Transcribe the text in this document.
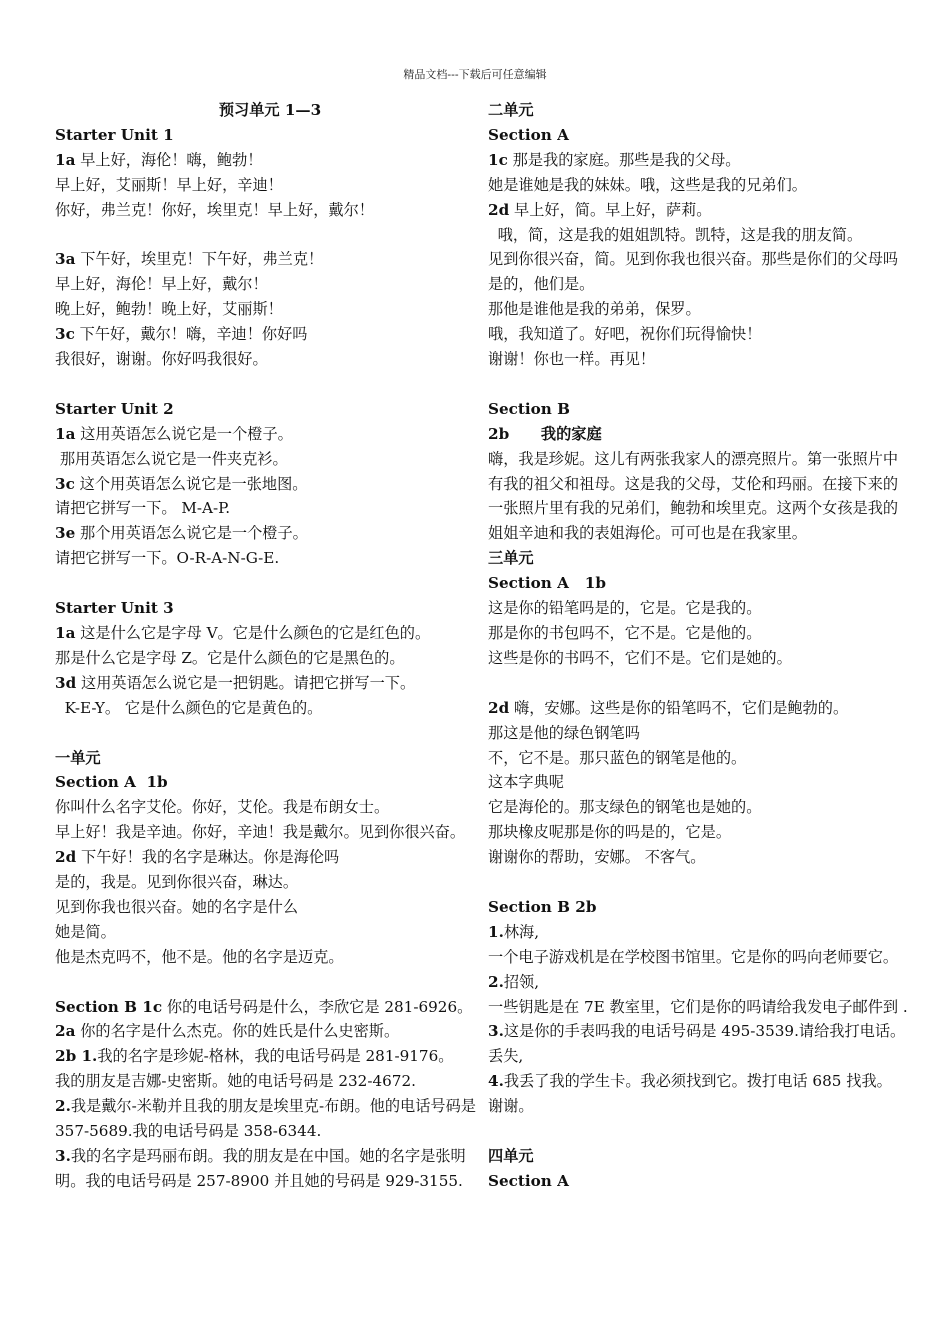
精品文档---下载后可任意编辑
预习单元 1—3
Starter Unit 1
1a 早上好，海伦！嗨，鲍勃！
早上好，艾丽斯！早上好，辛迪！
你好，弗兰克！你好，埃里克！早上好，戴尔！
3a 下午好，埃里克！下午好，弗兰克！
早上好，海伦！早上好，戴尔！
晚上好，鲍勃！晚上好，艾丽斯！
3c 下午好，戴尔！嗨，辛迪！你好吗
我很好，谢谢。你好吗我很好。
Starter Unit 2
1a 这用英语怎么说它是一个橙子。
那用英语怎么说它是一件夹克衫。
3c 这个用英语怎么说它是一张地图。
请把它拼写一下。 M-A-P.
3e 那个用英语怎么说它是一个橙子。
请把它拼写一下。O-R-A-N-G-E.
Starter Unit 3
1a 这是什么它是字母 V。它是什么颜色的它是红色的。
那是什么它是字母 Z。它是什么颜色的它是黑色的。
3d 这用英语怎么说它是一把钥匙。请把它拼写一下。
K-E-Y。 它是什么颜色的它是黄色的。
一单元
Section A  1b
你叫什么名字艾伦。你好，艾伦。我是布朗女士。
早上好！我是辛迪。你好，辛迪！我是戴尔。见到你很兴奋。
2d 下午好！我的名字是琳达。你是海伦吗
是的，我是。见到你很兴奋，琳达。
见到你我也很兴奋。她的名字是什么
她是简。
他是杰克吗不，他不是。他的名字是迈克。
Section B 1c 你的电话号码是什么，李欣它是 281-6926。
2a 你的名字是什么杰克。你的姓氏是什么史密斯。
2b 1.我的名字是珍妮-格林，我的电话号码是 281-9176。
我的朋友是吉娜-史密斯。她的电话号码是 232-4672.
2.我是戴尔-米勒并且我的朋友是埃里克-布朗。他的电话号码是 357-5689.我的电话号码是 358-6344.
3.我的名字是玛丽布朗。我的朋友是在中国。她的名字是张明明。我的电话号码是 257-8900 并且她的号码是 929-3155.
二单元
Section A
1c 那是我的家庭。那些是我的父母。
她是谁她是我的妹妹。哦，这些是我的兄弟们。
2d 早上好，简。早上好，萨莉。
哦，简，这是我的姐姐凯特。凯特，这是我的朋友简。
见到你很兴奋，简。见到你我也很兴奋。那些是你们的父母吗是的，他们是。
那他是谁他是我的弟弟，保罗。
哦，我知道了。好吧，祝你们玩得愉快！
谢谢！你也一样。再见！
Section B
2b      我的家庭
嗨，我是珍妮。这儿有两张我家人的漂亮照片。第一张照片中有我的祖父和祖母。这是我的父母，艾伦和玛丽。在接下来的一张照片里有我的兄弟们，鲍勃和埃里克。这两个女孩是我的姐姐辛迪和我的表姐海伦。可可也是在我家里。
三单元
Section A   1b
这是你的铅笔吗是的，它是。它是我的。
那是你的书包吗不，它不是。它是他的。
这些是你的书吗不，它们不是。它们是她的。
2d 嗨，安娜。这些是你的铅笔吗不，它们是鲍勃的。
那这是他的绿色钢笔吗
不，它不是。那只蓝色的钢笔是他的。
这本字典呢
它是海伦的。那支绿色的钢笔也是她的。
那块橡皮呢那是你的吗是的，它是。
谢谢你的帮助，安娜。 不客气。
Section B 2b
1.林海,
一个电子游戏机是在学校图书馆里。它是你的吗向老师要它。
2.招领,
一些钥匙是在 7E 教室里，它们是你的吗请给我发电子邮件到 .
3.这是你的手表吗我的电话号码是 495-3539.请给我打电话。
丢失,
4.我丢了我的学生卡。我必须找到它。拨打电话 685 找我。
谢谢。
四单元
Section A
